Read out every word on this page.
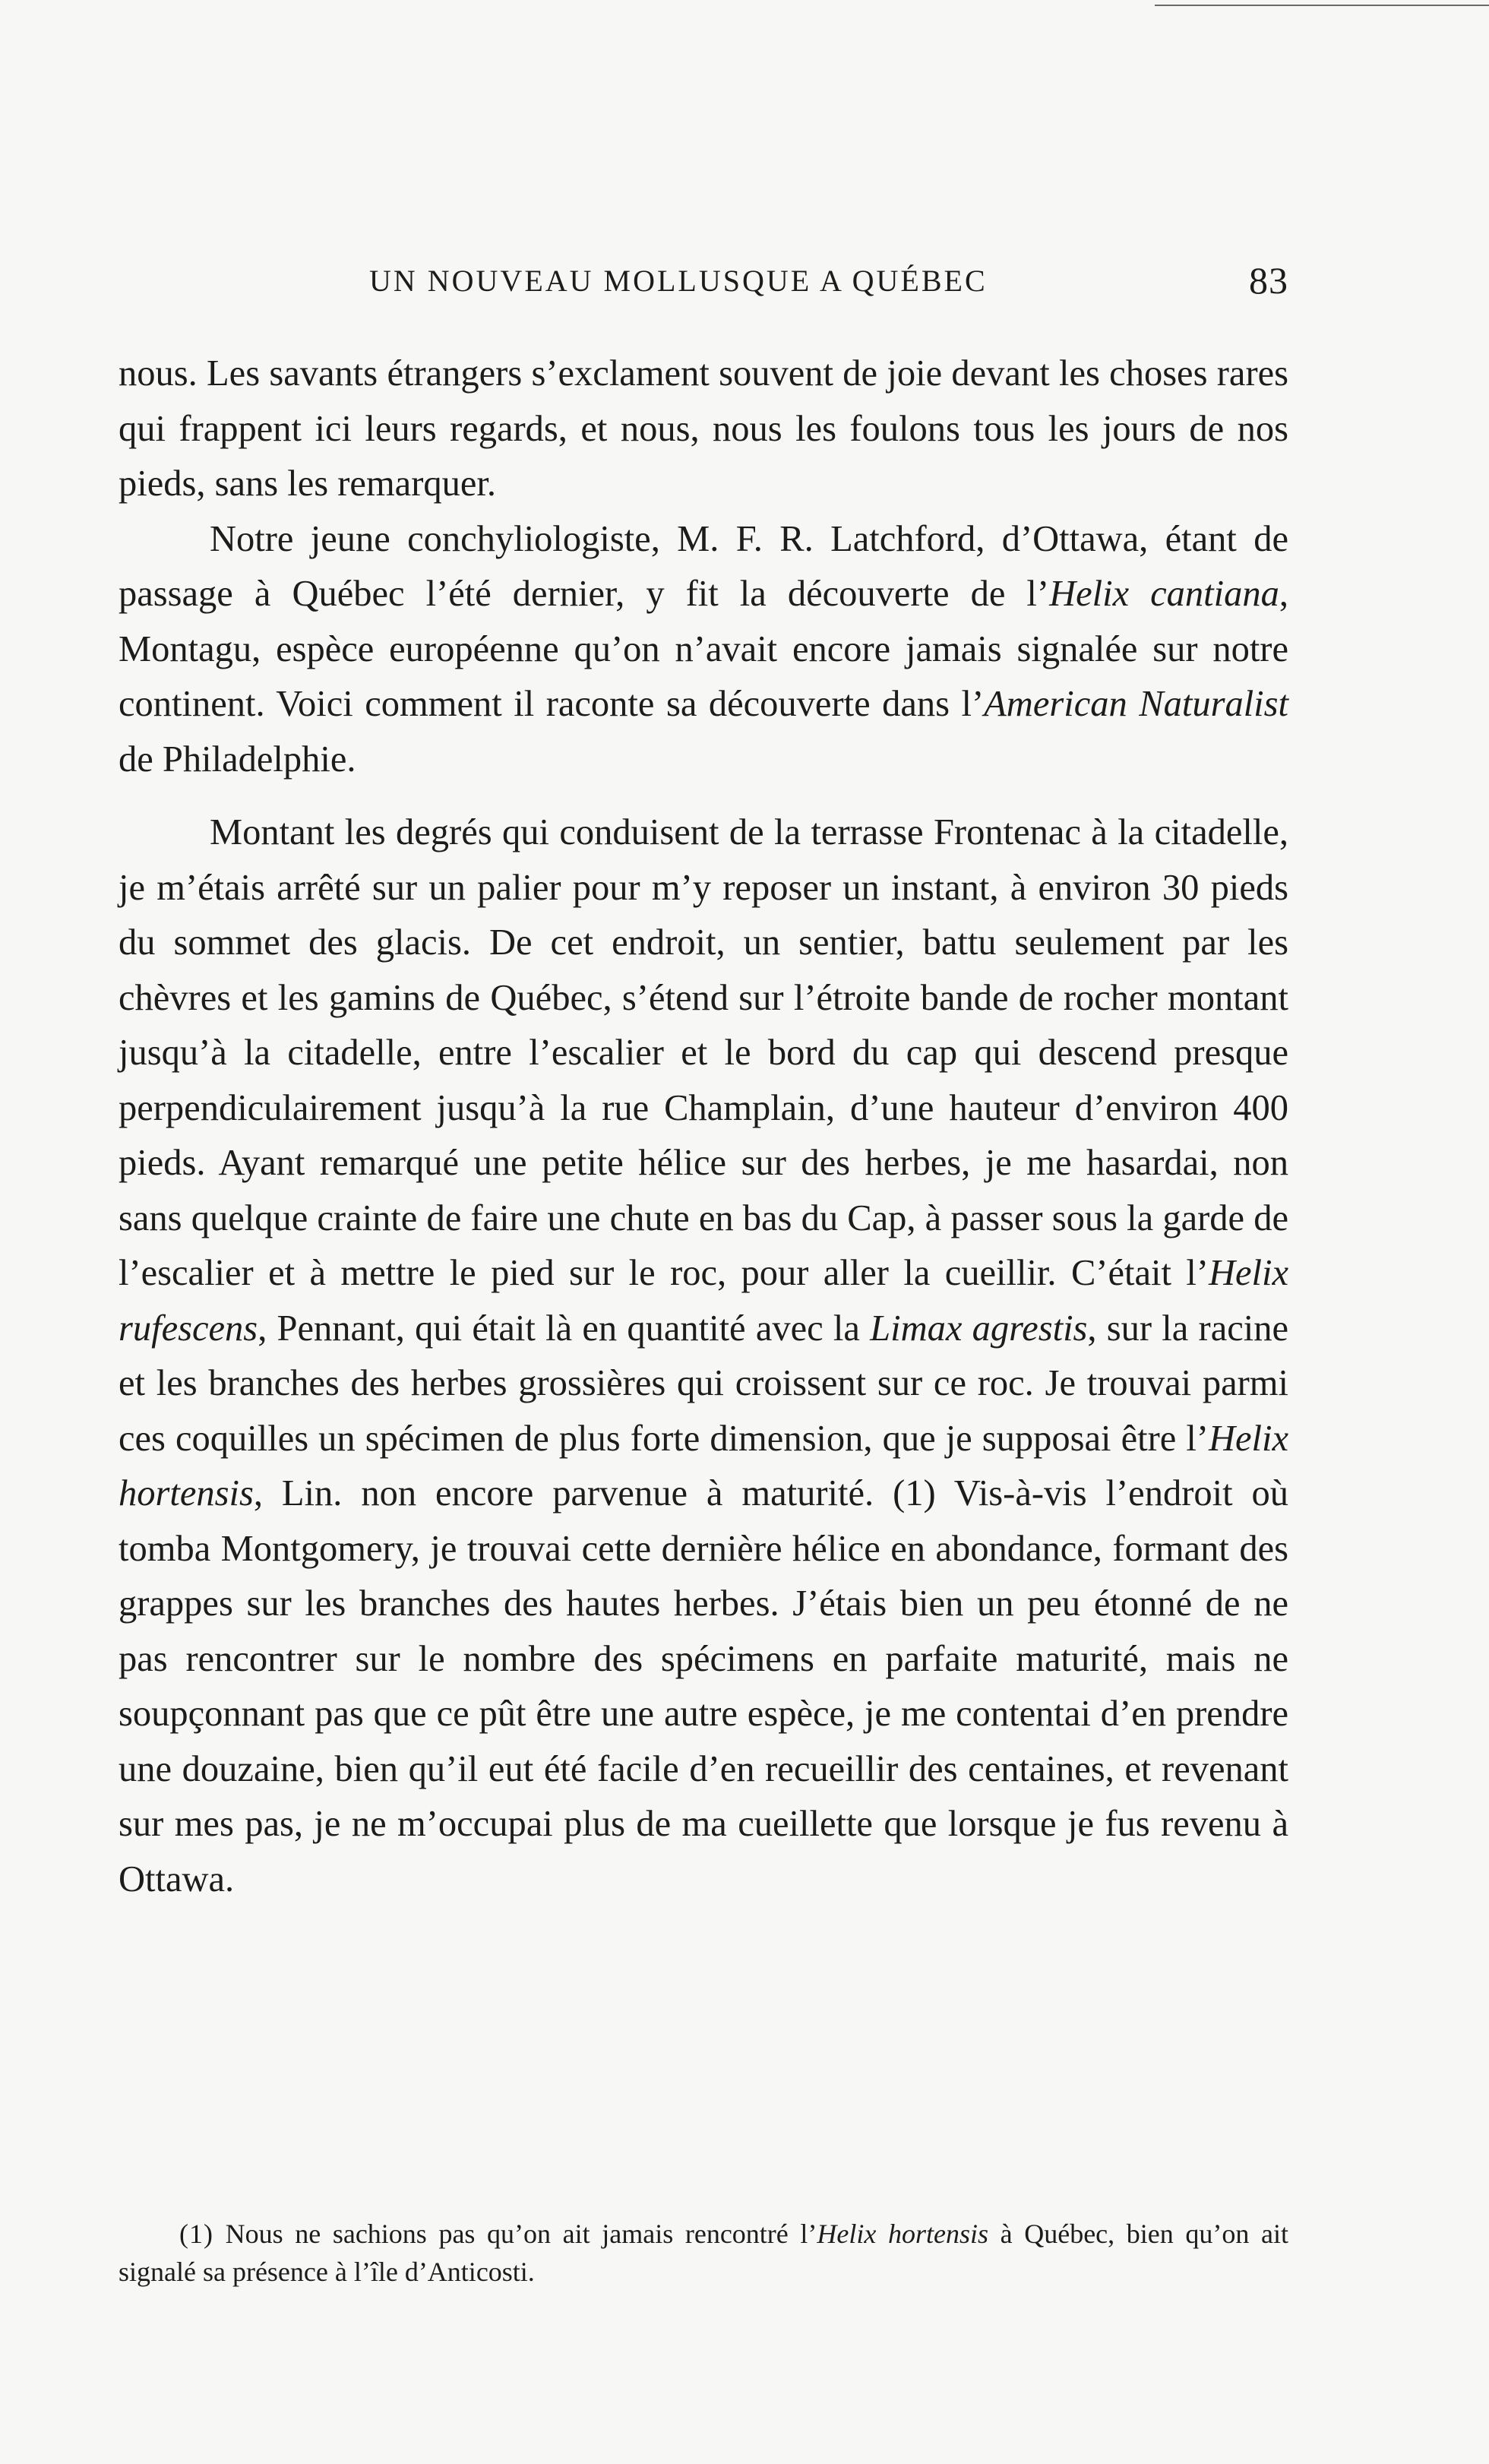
UN NOUVEAU MOLLUSQUE A QUÉBEC	83

nous. Les savants étrangers s’exclament souvent de joie devant les choses rares qui frappent ici leurs regards, et nous, nous les foulons tous les jours de nos pieds, sans les remarquer.

Notre jeune conchyliologiste, M. F. R. Latchford, d’Ottawa, étant de passage à Québec l’été dernier, y fit la découverte de l’Helix cantiana, Montagu, espèce européenne qu’on n’avait encore jamais signalée sur notre continent. Voici comment il raconte sa découverte dans l’American Naturalist de Philadelphie.

Montant les degrés qui conduisent de la terrasse Frontenac à la citadelle, je m’étais arrêté sur un palier pour m’y reposer un instant, à environ 30 pieds du sommet des glacis. De cet endroit, un sentier, battu seulement par les chèvres et les gamins de Québec, s’étend sur l’étroite bande de rocher montant jusqu’à la citadelle, entre l’escalier et le bord du cap qui descend presque perpendiculairement jusqu’à la rue Champlain, d’une hauteur d’environ 400 pieds. Ayant remarqué une petite hélice sur des herbes, je me hasardai, non sans quelque crainte de faire une chute en bas du Cap, à passer sous la garde de l’escalier et à mettre le pied sur le roc, pour aller la cueillir. C’était l’Helix rufescens, Pennant, qui était là en quantité avec la Limax agrestis, sur la racine et les branches des herbes grossières qui croissent sur ce roc. Je trouvai parmi ces coquilles un spécimen de plus forte dimension, que je supposai être l’Helix hortensis, Lin. non encore parvenue à maturité. (1) Vis-à-vis l’endroit où tomba Montgomery, je trouvai cette dernière hélice en abondance, formant des grappes sur les branches des hautes herbes. J’étais bien un peu étonné de ne pas rencontrer sur le nombre des spécimens en parfaite maturité, mais ne soupçonnant pas que ce pût être une autre espèce, je me contentai d’en prendre une douzaine, bien qu’il eut été facile d’en recueillir des centaines, et revenant sur mes pas, je ne m’occupai plus de ma cueillette que lorsque je fus revenu à Ottawa.

(1) Nous ne sachions pas qu’on ait jamais rencontré l’Helix hortensis à Québec, bien qu’on ait signalé sa présence à l’île d’Anticosti.
